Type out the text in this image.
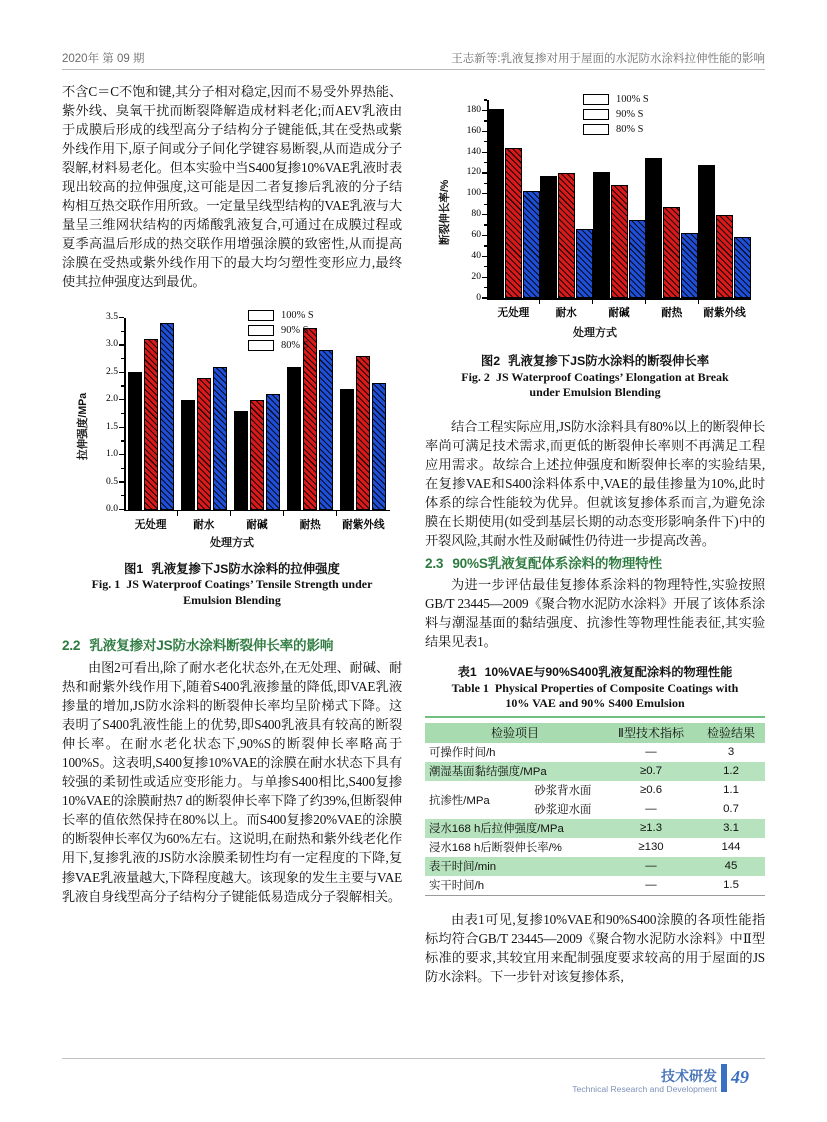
2020年 第 09 期	王志新等:乳液复掺对用于屋面的水泥防水涂料拉伸性能的影响

不含C＝C不饱和键,其分子相对稳定,因而不易受外界热能、紫外线、臭氧干扰而断裂降解造成材料老化;而AEV乳液由于成膜后形成的线型高分子结构分子键能低,其在受热或紫外线作用下,原子间或分子间化学键容易断裂,从而造成分子裂解,材料易老化。但本实验中当S400复掺10%VAE乳液时表现出较高的拉伸强度,这可能是因二者复掺后乳液的分子结构相互热交联作用所致。一定量呈线型结构的VAE乳液与大量呈三维网状结构的丙烯酸乳液复合,可通过在成膜过程或夏季高温后形成的热交联作用增强涂膜的致密性,从而提高涂膜在受热或紫外线作用下的最大均匀塑性变形应力,最终使其拉伸强度达到最优。

0.0
0.5
1.0
1.5
2.0
2.5
3.0
3.5
无处理	耐水	耐碱	耐热	耐紫外线
处理方式
拉伸强度/MPa
100% S
90% S
80% S
图1 乳液复掺下JS防水涂料的拉伸强度
Fig. 1 JS Waterproof Coatings’ Tensile Strength under
Emulsion Blending
2.2 乳液复掺对JS防水涂料断裂伸长率的影响

由图2可看出,除了耐水老化状态外,在无处理、耐碱、耐热和耐紫外线作用下,随着S400乳液掺量的降低,即VAE乳液掺量的增加,JS防水涂料的断裂伸长率均呈阶梯式下降。这表明了S400乳液性能上的优势,即S400乳液具有较高的断裂伸长率。在耐水老化状态下,90%S的断裂伸长率略高于100%S。这表明,S400复掺10%VAE的涂膜在耐水状态下具有较强的柔韧性或适应变形能力。与单掺S400相比,S400复掺10%VAE的涂膜耐热7 d的断裂伸长率下降了约39%,但断裂伸长率的值依然保持在80%以上。而S400复掺20%VAE的涂膜的断裂伸长率仅为60%左右。这说明,在耐热和紫外线老化作用下,复掺乳液的JS防水涂膜柔韧性均有一定程度的下降,复掺VAE乳液量越大,下降程度越大。该现象的发生主要与VAE乳液自身线型高分子结构分子键能低易造成分子裂解相关。

0
20
40
60
80
100
120
140
160
180
无处理	耐水	耐碱	耐热	耐紫外线
处理方式
断裂伸长率/%
100% S
90% S
80% S
图2 乳液复掺下JS防水涂料的断裂伸长率
Fig. 2 JS Waterproof Coatings’ Elongation at Break
under Emulsion Blending

结合工程实际应用,JS防水涂料具有80%以上的断裂伸长率尚可满足技术需求,而更低的断裂伸长率则不再满足工程应用需求。故综合上述拉伸强度和断裂伸长率的实验结果,在复掺VAE和S400涂料体系中,VAE的最佳掺量为10%,此时体系的综合性能较为优异。但就该复掺体系而言,为避免涂膜在长期使用(如受到基层长期的动态变形影响条件下)中的开裂风险,其耐水性及耐碱性仍待进一步提高改善。

2.3 90%S乳液复配体系涂料的物理特性

为进一步评估最佳复掺体系涂料的物理特性,实验按照GB/T 23445—2009《聚合物水泥防水涂料》开展了该体系涂料与潮湿基面的黏结强度、抗渗性等物理性能表征,其实验结果见表1。

表1 10%VAE与90%S400乳液复配涂料的物理性能
Table 1 Physical Properties of Composite Coatings with
10% VAE and 90% S400 Emulsion
检验项目		Ⅱ型技术指标	检验结果
可操作时间/h		—	3
潮湿基面黏结强度/MPa		≥0.7	1.2
抗渗性/MPa	砂浆背水面	≥0.6	1.1
	砂浆迎水面	—	0.7
浸水168 h后拉伸强度/MPa		≥1.3	3.1
浸水168 h后断裂伸长率/%		≥130	144
表干时间/min		—	45
实干时间/h		—	1.5

由表1可见,复掺10%VAE和90%S400涂膜的各项性能指标均符合GB/T 23445—2009《聚合物水泥防水涂料》中Ⅱ型标准的要求,其较宜用来配制强度要求较高的用于屋面的JS防水涂料。下一步针对该复掺体系,

技术研发
Technical Research and Development
49
